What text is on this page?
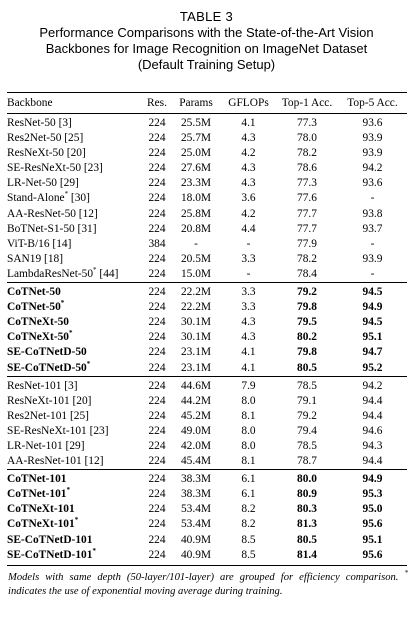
TABLE 3
Performance Comparisons with the State-of-the-Art Vision Backbones for Image Recognition on ImageNet Dataset (Default Training Setup)
Backbone	Res.	Params	GFLOPs	Top-1 Acc.	Top-5 Acc.

ResNet-50 [3]	224	25.5M	4.1	77.3	93.6
Res2Net-50 [25]	224	25.7M	4.3	78.0	93.9
ResNeXt-50 [20]	224	25.0M	4.2	78.2	93.9
SE-ResNeXt-50 [23]	224	27.6M	4.3	78.6	94.2
LR-Net-50 [29]	224	23.3M	4.3	77.3	93.6
Stand-Alone* [30]	224	18.0M	3.6	77.6	-
AA-ResNet-50 [12]	224	25.8M	4.2	77.7	93.8
BoTNet-S1-50 [31]	224	20.8M	4.4	77.7	93.7
ViT-B/16 [14]	384	-	-	77.9	-
SAN19 [18]	224	20.5M	3.3	78.2	93.9
LambdaResNet-50* [44]	224	15.0M	-	78.4	-

CoTNet-50	224	22.2M	3.3	79.2	94.5
CoTNet-50*	224	22.2M	3.3	79.8	94.9
CoTNeXt-50	224	30.1M	4.3	79.5	94.5
CoTNeXt-50*	224	30.1M	4.3	80.2	95.1
SE-CoTNetD-50	224	23.1M	4.1	79.8	94.7
SE-CoTNetD-50*	224	23.1M	4.1	80.5	95.2

ResNet-101 [3]	224	44.6M	7.9	78.5	94.2
ResNeXt-101 [20]	224	44.2M	8.0	79.1	94.4
Res2Net-101 [25]	224	45.2M	8.1	79.2	94.4
SE-ResNeXt-101 [23]	224	49.0M	8.0	79.4	94.6
LR-Net-101 [29]	224	42.0M	8.0	78.5	94.3
AA-ResNet-101 [12]	224	45.4M	8.1	78.7	94.4

CoTNet-101	224	38.3M	6.1	80.0	94.9
CoTNet-101*	224	38.3M	6.1	80.9	95.3
CoTNeXt-101	224	53.4M	8.2	80.3	95.0
CoTNeXt-101*	224	53.4M	8.2	81.3	95.6
SE-CoTNetD-101	224	40.9M	8.5	80.5	95.1
SE-CoTNetD-101*	224	40.9M	8.5	81.4	95.6
Models with same depth (50-layer/101-layer) are grouped for efficiency comparison. * indicates the use of exponential moving average during training.
